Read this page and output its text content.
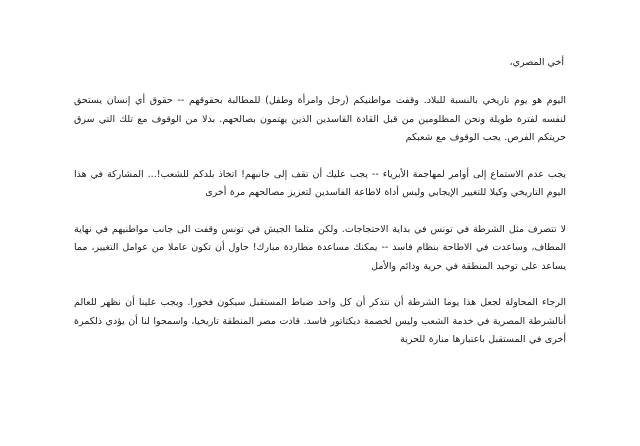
أخي المصري،

اليوم هو يوم تاريخي بالنسبة للبلاد. وقفت مواطنيكم (رجل وامرأة وطفل) للمطالبة بحقوقهم -- حقوق أي إنسان يستحق لنفسه لفترة طويلة ونحن المظلومين من قبل القادة الفاسدين الذين يهتمون بصالحهم. بدلا من الوقوف مع تلك التي سرق حريتكم الفرص. يجب الوقوف مع شعبكم

يجب عدم الاستماع إلى أوامر لمهاجمة الأبرياء -- يجب عليك أن تقف إلى جانبهم! اتخاذ بلدكم للشعب!... المشاركة في هذا اليوم التاريخي وكيلا للتغيير الإيجابي وليس أداة لاطاعة الفاسدين لتعزيز مصالحهم مرة أخرى

لا تتصرف مثل الشرطة في تونس في بداية الاحتجاجات. ولكن مثلما الجيش في تونس وقفت الى جانب مواطنيهم في نهاية المطاف، وساعدت في الاطاحة بنظام فاسد -- يمكنك مساعدة مطاردة مبارك! حاول أن تكون عاملا من عوامل التغيير، مما يساعد على توحيد المنطقة في حرية ودائم والأمل

الرجاء المحاولة لجعل هذا يوما الشرطة أن نتذكر أن كل واحد ضباط المستقبل سيكون فخورا. ويجب علينا أن نظهر للعالم أنالشرطة المصرية في خدمة الشعب وليس لخصمة ديكتاتور فاسد. قادت مصر المنطقة تاريخيا، واسمحوا لنا أن يؤدي ذلكمرة أخرى في المستقبل باعتبارها منارة للحرية
